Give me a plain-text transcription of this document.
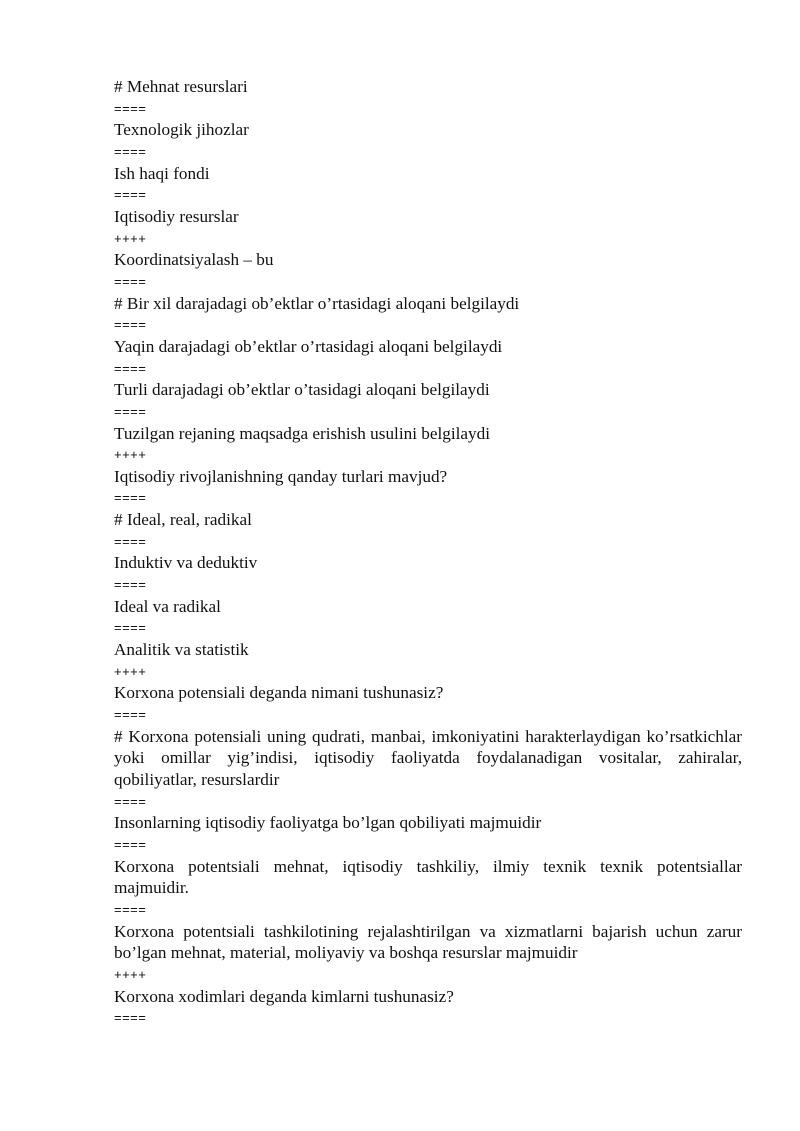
# Mehnat resurslari
====
Texnologik jihozlar
====
Ish haqi fondi
====
Iqtisodiy resurslar
++++
Koordinatsiyalash – bu
====
# Bir xil darajadagi ob’ektlar o’rtasidagi aloqani belgilaydi
====
Yaqin darajadagi ob’ektlar o’rtasidagi aloqani belgilaydi
====
Turli darajadagi ob’ektlar o’tasidagi aloqani belgilaydi
====
Tuzilgan rejaning maqsadga erishish usulini belgilaydi
++++
Iqtisodiy rivojlanishning qanday turlari mavjud?
====
# Ideal, real, radikal
====
Induktiv va deduktiv
====
Ideal va radikal
====
Analitik va statistik
++++
Korxona potensiali deganda nimani tushunasiz?
====
# Korxona potensiali uning qudrati, manbai, imkoniyatini harakterlaydigan ko’rsatkichlar yoki omillar yig’indisi, iqtisodiy faoliyatda foydalanadigan vositalar, zahiralar, qobiliyatlar, resurslardir
====
Insonlarning iqtisodiy faoliyatga bo’lgan qobiliyati majmuidir
====
Korxona potentsiali mehnat, iqtisodiy tashkiliy, ilmiy texnik texnik potentsiallar majmuidir.
====
Korxona potentsiali tashkilotining rejalashtirilgan va xizmatlarni bajarish uchun zarur bo’lgan mehnat, material, moliyaviy va boshqa resurslar majmuidir
++++
Korxona xodimlari deganda kimlarni tushunasiz?
====
